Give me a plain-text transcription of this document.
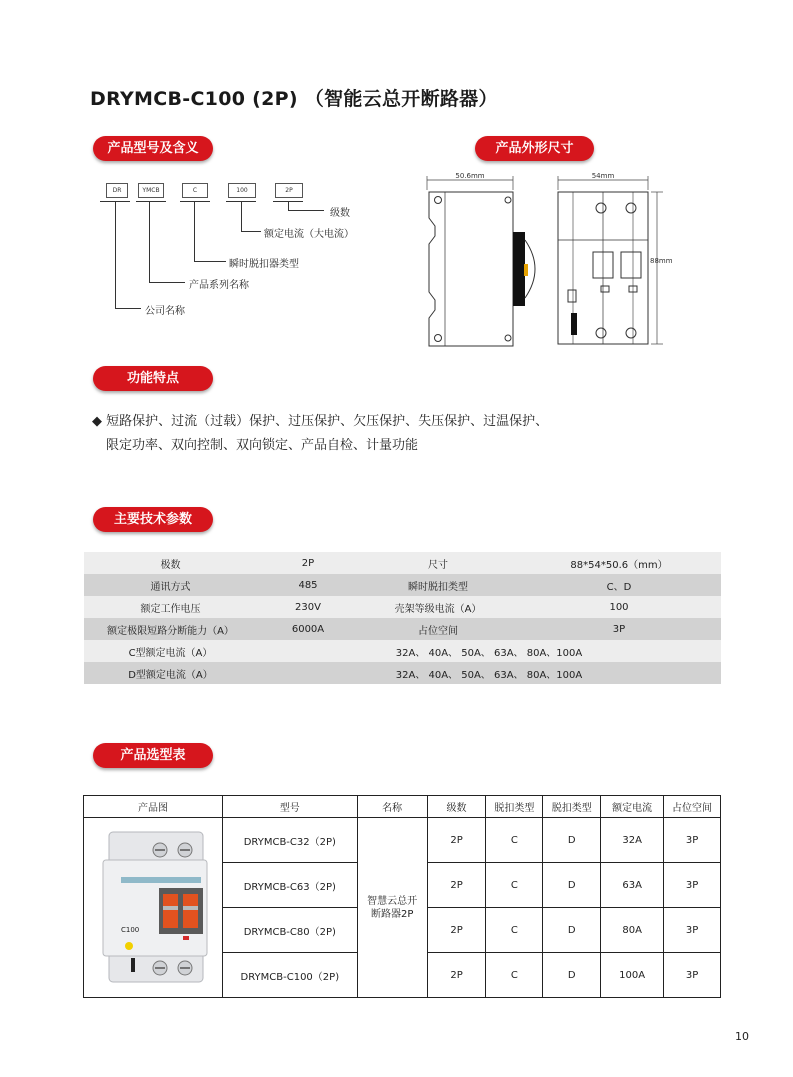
DRYMCB-C100 (2P) （智能云总开断路器）
产品型号及含义	产品外形尺寸
功能特点
主要技术参数
产品选型表
DR	YMCB	C	100	2P
级数
额定电流（大电流）
瞬时脱扣器类型
产品系列名称
公司名称
50.6mm	54mm
88mm
◆ 短路保护、过流（过载）保护、过压保护、欠压保护、失压保护、过温保护、
限定功率、双向控制、双向锁定、产品自检、计量功能
极数	2P	尺寸	88*54*50.6（mm）
通讯方式	485	瞬时脱扣类型	C、D
额定工作电压	230V	壳架等级电流（A）	100
额定极限短路分断能力（A）	6000A	占位空间	3P
C型额定电流（A）	32A、 40A、 50A、 63A、 80A、100A		
D型额定电流（A）	32A、 40A、 50A、 63A、 80A、100A		
产品图	型号	名称	级数	脱扣类型	脱扣类型	额定电流	占位空间

C100	DRYMCB-C32（2P)	智慧云总开断路器2P	2P	C	D	32A	3P
	DRYMCB-C63（2P)		2P	C	D	63A	3P
	DRYMCB-C80（2P)		2P	C	D	80A	3P
	DRYMCB-C100（2P)		2P	C	D	100A	3P
10
